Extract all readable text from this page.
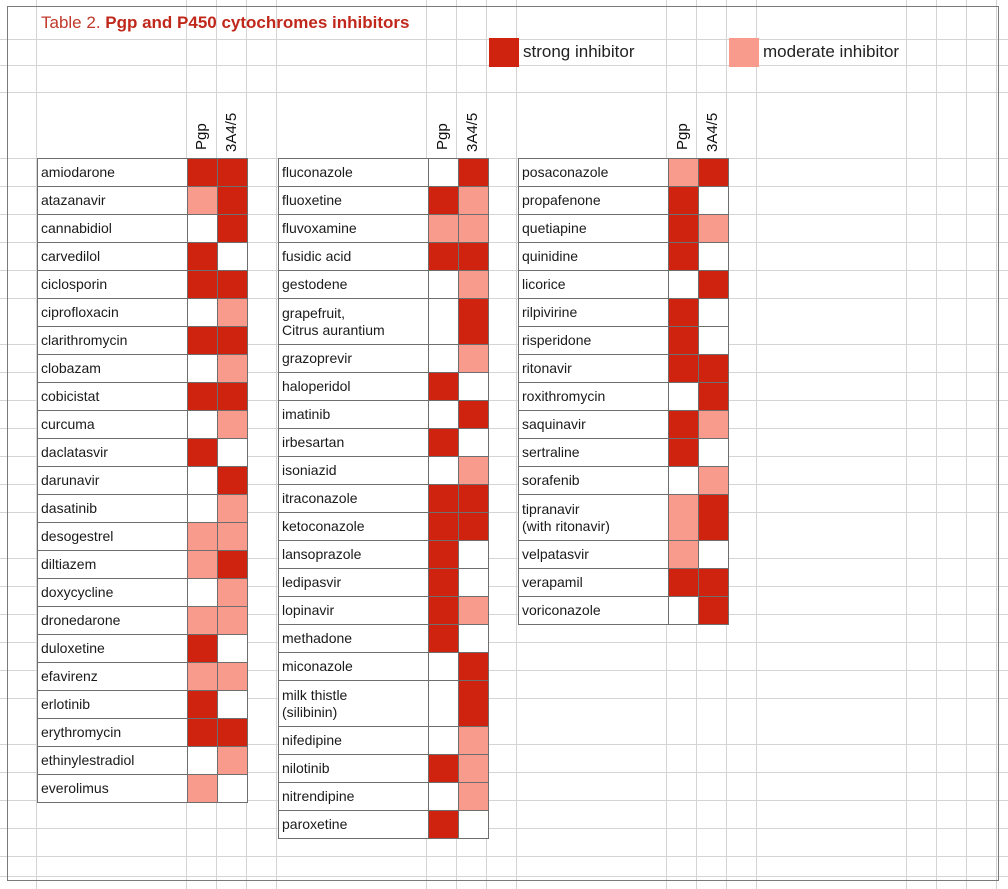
Table 2. Pgp and P450 cytochromes inhibitors
strong inhibitor	moderate inhibitor
Pgp 3A4/5
amiodarone
atazanavir
cannabidiol
carvedilol
ciclosporin
ciprofloxacin
clarithromycin
clobazam
cobicistat
curcuma
daclatasvir
darunavir
dasatinib
desogestrel
diltiazem
doxycycline
dronedarone
duloxetine
efavirenz
erlotinib
erythromycin
ethinylestradiol
everolimus
Pgp 3A4/5
fluconazole
fluoxetine
fluvoxamine
fusidic acid
gestodene
grapefruit,
Citrus aurantium
grazoprevir
haloperidol
imatinib
irbesartan
isoniazid
itraconazole
ketoconazole
lansoprazole
ledipasvir
lopinavir
methadone
miconazole
milk thistle
(silibinin)
nifedipine
nilotinib
nitrendipine
paroxetine
Pgp 3A4/5
posaconazole
propafenone
quetiapine
quinidine
licorice
rilpivirine
risperidone
ritonavir
roxithromycin
saquinavir
sertraline
sorafenib
tipranavir
(with ritonavir)
velpatasvir
verapamil
voriconazole
